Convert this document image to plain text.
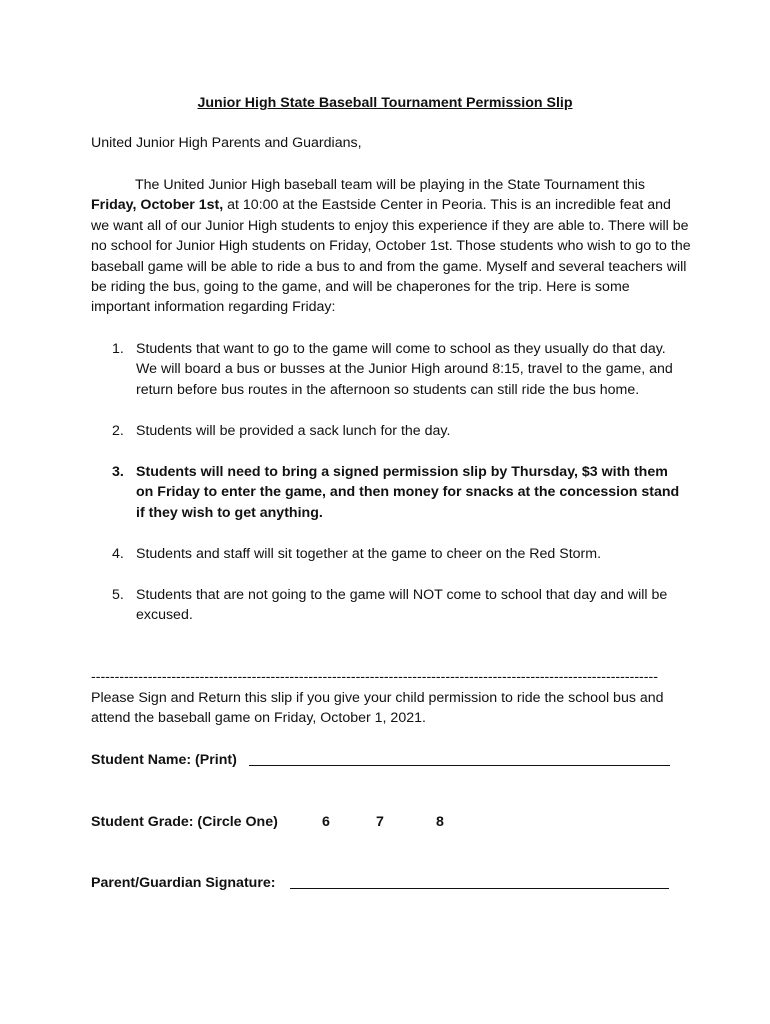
Junior High State Baseball Tournament Permission Slip
United Junior High Parents and Guardians,

The United Junior High baseball team will be playing in the State Tournament this Friday, October 1st, at 10:00 at the Eastside Center in Peoria. This is an incredible feat and we want all of our Junior High students to enjoy this experience if they are able to. There will be no school for Junior High students on Friday, October 1st. Those students who wish to go to the baseball game will be able to ride a bus to and from the game. Myself and several teachers will be riding the bus, going to the game, and will be chaperones for the trip. Here is some important information regarding Friday:

1. Students that want to go to the game will come to school as they usually do that day. We will board a bus or busses at the Junior High around 8:15, travel to the game, and return before bus routes in the afternoon so students can still ride the bus home.
2. Students will be provided a sack lunch for the day.
3. Students will need to bring a signed permission slip by Thursday, $3 with them on Friday to enter the game, and then money for snacks at the concession stand if they wish to get anything.
4. Students and staff will sit together at the game to cheer on the Red Storm.
5. Students that are not going to the game will NOT come to school that day and will be excused.
------------------------------------------------------------------------------------------------------------------------
Please Sign and Return this slip if you give your child permission to ride the school bus and attend the baseball game on Friday, October 1, 2021.
Student Name: (Print)
Student Grade: (Circle One)	6	7	8
Parent/Guardian Signature:
